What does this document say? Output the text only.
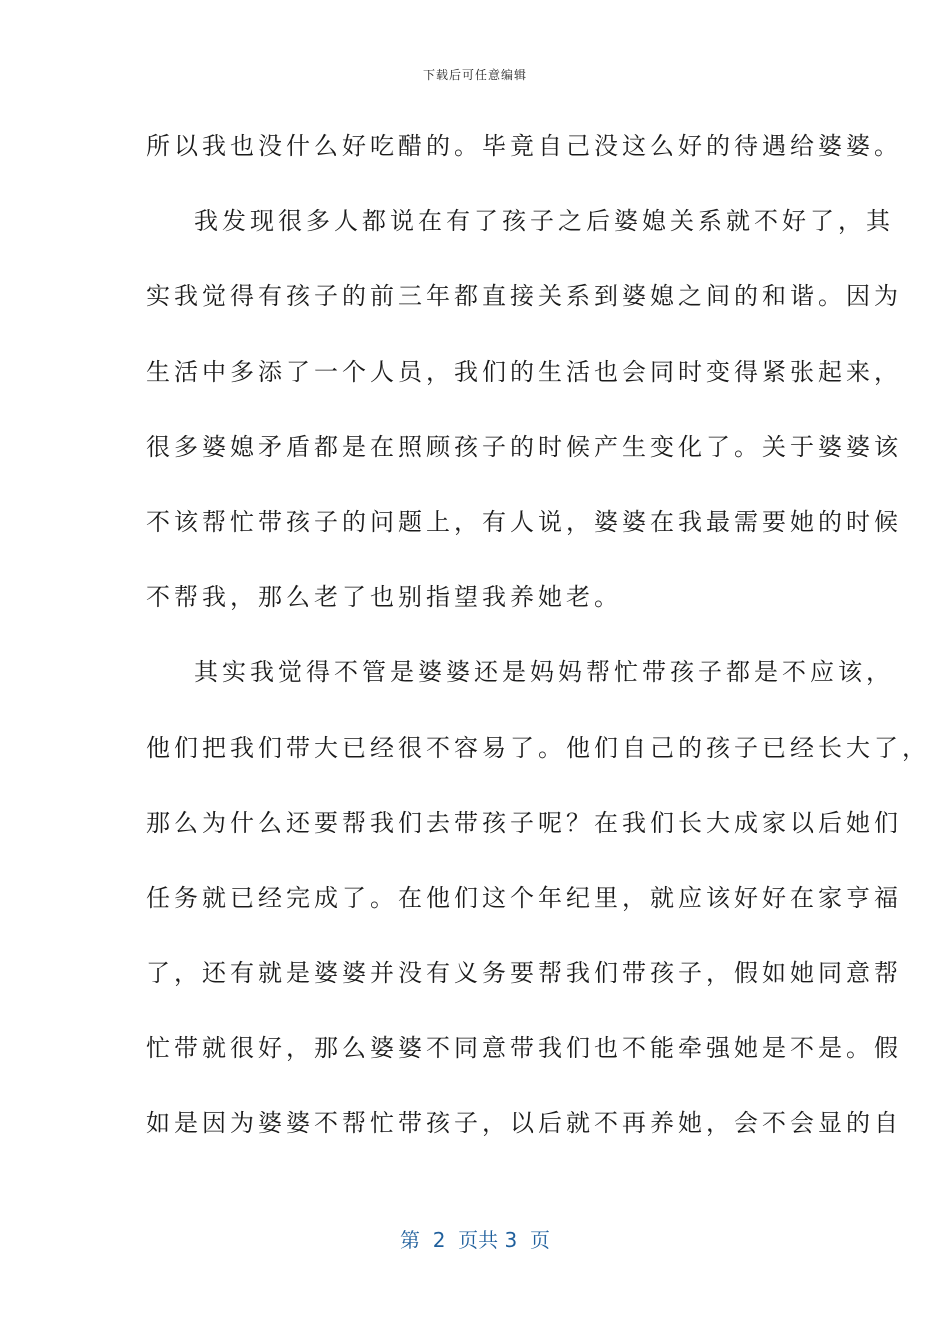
下载后可任意编辑
所以我也没什么好吃醋的。毕竟自己没这么好的待遇给婆婆。
我发现很多人都说在有了孩子之后婆媳关系就不好了，其
实我觉得有孩子的前三年都直接关系到婆媳之间的和谐。因为
生活中多添了一个人员，我们的生活也会同时变得紧张起来，
很多婆媳矛盾都是在照顾孩子的时候产生变化了。关于婆婆该
不该帮忙带孩子的问题上，有人说，婆婆在我最需要她的时候
不帮我，那么老了也别指望我养她老。
其实我觉得不管是婆婆还是妈妈帮忙带孩子都是不应该，
他们把我们带大已经很不容易了。他们自己的孩子已经长大了，
那么为什么还要帮我们去带孩子呢？在我们长大成家以后她们
任务就已经完成了。在他们这个年纪里，就应该好好在家亨福
了，还有就是婆婆并没有义务要帮我们带孩子，假如她同意帮
忙带就很好，那么婆婆不同意带我们也不能牵强她是不是。假
如是因为婆婆不帮忙带孩子，以后就不再养她，会不会显的自
第  2  页共 3  页
